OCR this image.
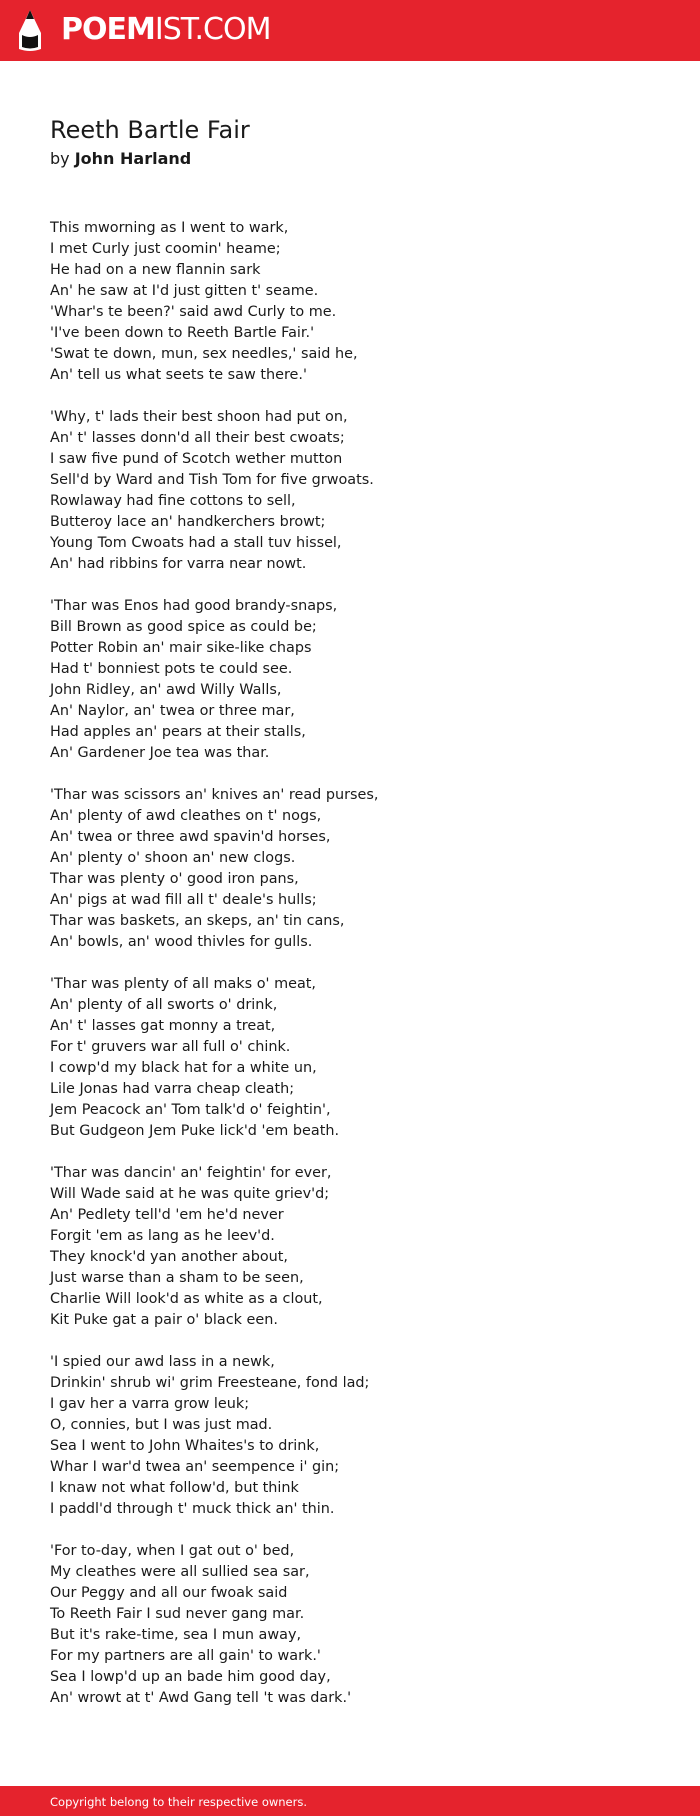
POEMIST.COM
Reeth Bartle Fair
by John Harland
This mworning as I went to wark,
I met Curly just coomin' heame;
He had on a new flannin sark
An' he saw at I'd just gitten t' seame.
'Whar's te been?' said awd Curly to me.
'I've been down to Reeth Bartle Fair.'
'Swat te down, mun, sex needles,' said he,
An' tell us what seets te saw there.'
'Why, t' lads their best shoon had put on,
An' t' lasses donn'd all their best cwoats;
I saw five pund of Scotch wether mutton
Sell'd by Ward and Tish Tom for five grwoats.
Rowlaway had fine cottons to sell,
Butteroy lace an' handkerchers browt;
Young Tom Cwoats had a stall tuv hissel,
An' had ribbins for varra near nowt.
'Thar was Enos had good brandy-snaps,
Bill Brown as good spice as could be;
Potter Robin an' mair sike-like chaps
Had t' bonniest pots te could see.
John Ridley, an' awd Willy Walls,
An' Naylor, an' twea or three mar,
Had apples an' pears at their stalls,
An' Gardener Joe tea was thar.
'Thar was scissors an' knives an' read purses,
An' plenty of awd cleathes on t' nogs,
An' twea or three awd spavin'd horses,
An' plenty o' shoon an' new clogs.
Thar was plenty o' good iron pans,
An' pigs at wad fill all t' deale's hulls;
Thar was baskets, an skeps, an' tin cans,
An' bowls, an' wood thivles for gulls.
'Thar was plenty of all maks o' meat,
An' plenty of all sworts o' drink,
An' t' lasses gat monny a treat,
For t' gruvers war all full o' chink.
I cowp'd my black hat for a white un,
Lile Jonas had varra cheap cleath;
Jem Peacock an' Tom talk'd o' feightin',
But Gudgeon Jem Puke lick'd 'em beath.
'Thar was dancin' an' feightin' for ever,
Will Wade said at he was quite griev'd;
An' Pedlety tell'd 'em he'd never
Forgit 'em as lang as he leev'd.
They knock'd yan another about,
Just warse than a sham to be seen,
Charlie Will look'd as white as a clout,
Kit Puke gat a pair o' black een.
'I spied our awd lass in a newk,
Drinkin' shrub wi' grim Freesteane, fond lad;
I gav her a varra grow leuk;
O, connies, but I was just mad.
Sea I went to John Whaites's to drink,
Whar I war'd twea an' seempence i' gin;
I knaw not what follow'd, but think
I paddl'd through t' muck thick an' thin.
'For to-day, when I gat out o' bed,
My cleathes were all sullied sea sar,
Our Peggy and all our fwoak said
To Reeth Fair I sud never gang mar.
But it's rake-time, sea I mun away,
For my partners are all gain' to wark.'
Sea I lowp'd up an bade him good day,
An' wrowt at t' Awd Gang tell 't was dark.'
Copyright belong to their respective owners.
